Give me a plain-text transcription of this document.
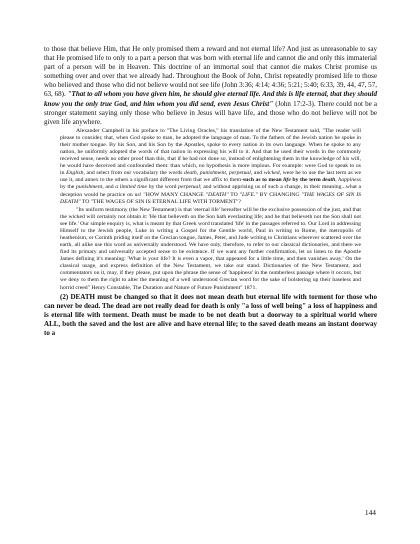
to those that believe Him, that He only promised them a reward and not eternal life? And just as unreasonable to say that He promised life to only to a part a person that was born with eternal life and cannot die and only this immaterial part of a person will be in Heaven. This doctrine of an immortal soul that cannot die makes Christ promise us something over and over that we already had. Throughout the Book of John, Christ repeatedly promised life to those who believed and those who did not believe would not see life (John 3:36; 4:14; 4:36; 5:21; 5:40; 6:33, 39, 44, 47, 57, 63, 68). "That to all whom you have given him, he should give eternal life. And this is life eternal, that they should know you the only true God, and him whom you did send, even Jesus Christ" (John 17:2-3). There could not be a stronger statement saying only those who believe in Jesus will have life, and those who do not believe will not be given life anywhere.

Alexander Campbell in his preface to "The Living Oracles," his translation of the New Testament said, "The reader will please to consider, that, when God spoke to man, he adopted the language of man. To the fathers of the Jewish nation he spoke in their mother tongue. By his Son, and his Son by the Apostles, spoke to every nation in its own language. When he spoke to any nation, he uniformly adopted the words of that nation in expressing his will to it. And that he used their words in the commonly received sense, needs no other proof than this, that if he had not done so, instead of enlightening them in the knowledge of his will, he would have deceived and confounded them: than which, no hypothesis is more impious. For example: were God to speak to us in English, and select from our vocabulary the words death, punishment, perpetual, and wicked, were he to use the last term as we use it, and annex to the others a significant different from that we affix to them-such as to mean life by the term death, happiness by the punishment, and a limited time by the word perpetual; and without apprising us of such a change, in their meaning...what a deception would he practice on us! "HOW MANY CHANGE "DEATH" TO "LIFE." BY CHANGING "THE WAGES OF SIN IS DEATH" TO "THE WAGES OF SIN IS ETERNAL LIFE WITH TORMENT"?

"Its uniform testimony (the New Testament) is that 'eternal life' hereafter will be the exclusive possession of the just, and that the wicked will certainly not obtain it: 'He that believeth on the Son hath everlasting life; and he that believeth not the Son shall not see life.' Our simple enquiry is, what is meant by that Greek word translated 'life' in the passages referred to. Our Lord in addressing Himself to the Jewish people, Luke in writing a Gospel for the Gentile world, Paul in writing to Rome, the metropolis of heathenism, or Corinth priding itself on the Grecian tongue, James, Peter, and Jude writing to Christians wherever scattered over the earth, all alike use this word as universally understood. We have only, therefore, to refer to our classical dictionaries, and there we find its primary and universally accepted sense to be existence. If we want any further confirmation, let us listen to the Apostle James defining it's meaning: 'What is your life? It is even a vapor, that appeared for a little time, and then vanishes away.' On the classical usage, and express definition of the New Testament, we take our stand. Dictionaries of the New Testament, and commentators on it, may, if they please, put upon the phrase the sense of 'happiness' in the numberless passage where it occurs, but we deny to them the right to alter the meaning of a well understood Grecian word for the sake of bolstering up their baseless and horrid creed" Henry Constable, The Duration and Nature of Future Punishment" 1871.

(2) DEATH must be changed so that it does not mean death but eternal life with torment for those who can never be dead. The dead are not really dead for death is only "a loss of well being" a loss of happiness and is eternal life with torment. Death must be made to be not death but a doorway to a spiritual world where ALL, both the saved and the lost are alive and have eternal life; to the saved death means an instant doorway to a

144
